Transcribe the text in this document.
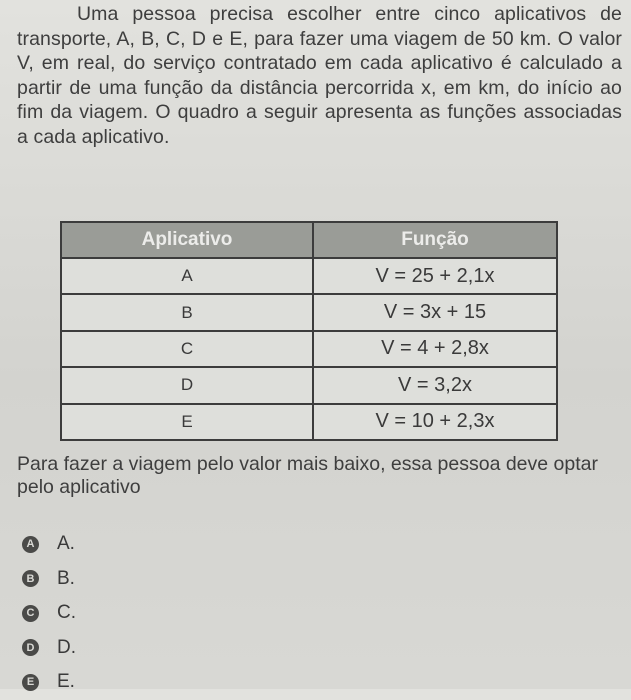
Uma pessoa precisa escolher entre cinco aplicativos de transporte, A, B, C, D e E, para fazer uma viagem de 50 km. O valor V, em real, do serviço contratado em cada aplicativo é calculado a partir de uma função da distância percorrida x, em km, do início ao fim da viagem. O quadro a seguir apresenta as funções associadas a cada aplicativo.

Aplicativo	Função
A	V = 25 + 2,1x
B	V = 3x + 15
C	V = 4 + 2,8x
D	V = 3,2x
E	V = 10 + 2,3x

Para fazer a viagem pelo valor mais baixo, essa pessoa deve optar pelo aplicativo

A A.
B B.
C C.
D D.
E E.
